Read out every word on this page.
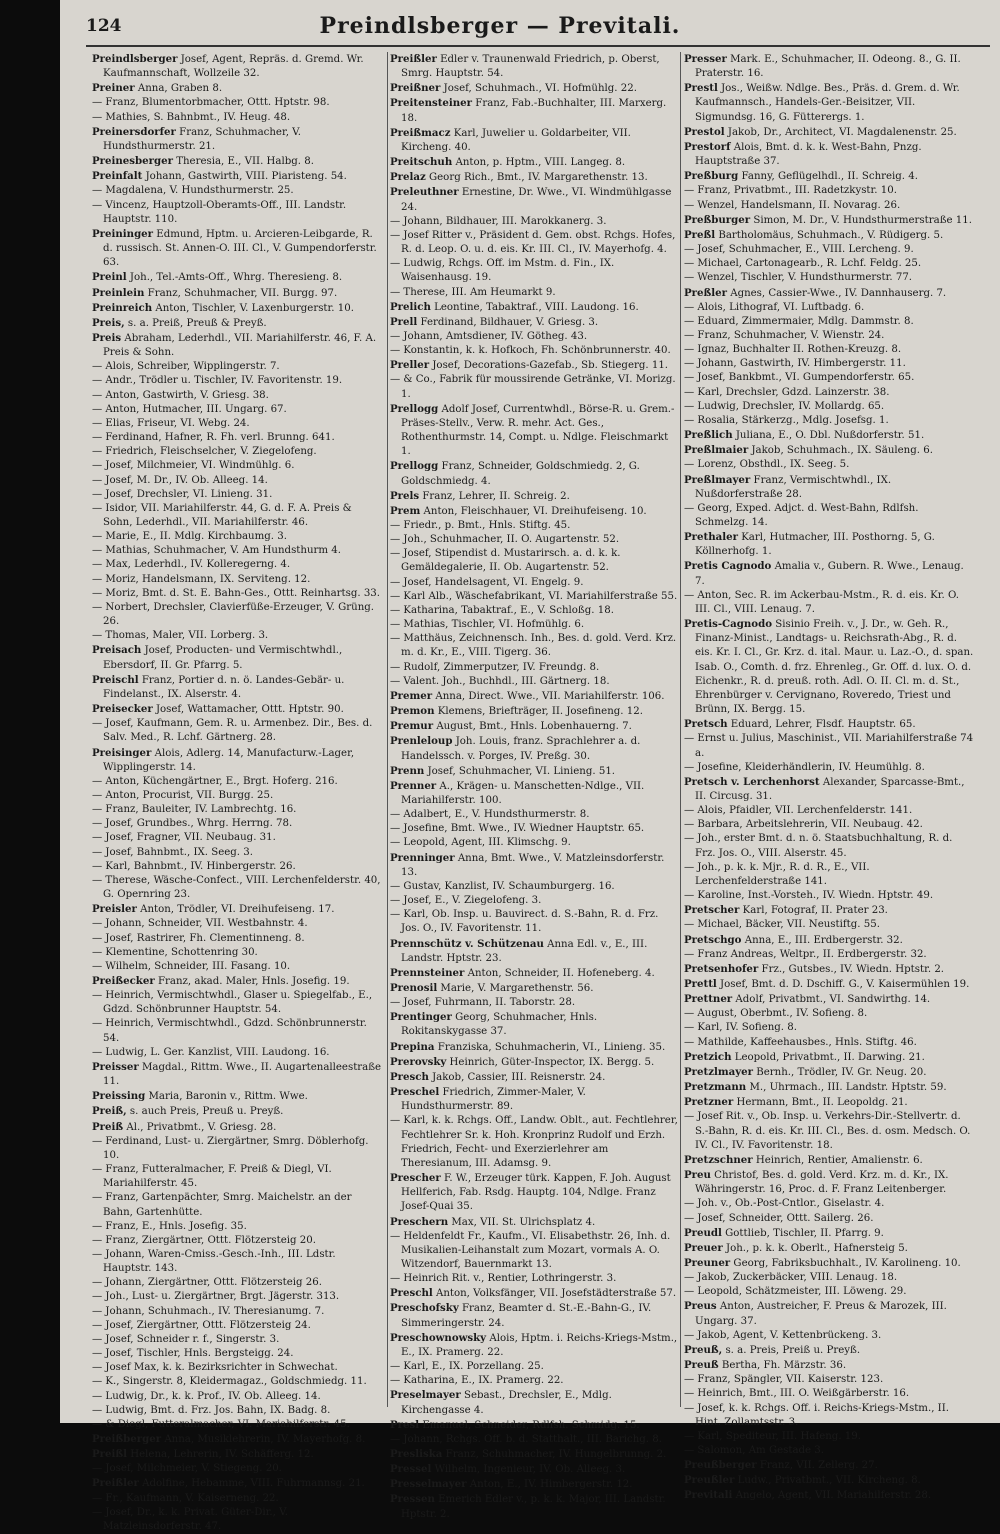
124	Preindlsberger — Previtali.
Preindlsberger Josef, Agent, Repräs. d. Gremd. Wr. Kaufmannschaft, Wollzeile 32.
Preiner Anna, Graben 8.
— Franz, Blumentorbmacher, Ottt. Hptstr. 98.
— Mathies, S. Bahnbmt., IV. Heug. 48.
Preinersdorfer Franz, Schuhmacher, V. Hundsthurmerstr. 21.
Preinesberger Theresia, E., VII. Halbg. 8.
Preinfalt Johann, Gastwirth, VIII. Piaristeng. 54.
— Magdalena, V. Hundsthurmerstr. 25.
— Vincenz, Hauptzoll-Oberamts-Off., III. Landstr. Hauptstr. 110.
Preininger Edmund, Hptm. u. Arcieren-Leibgarde, R. d. russisch. St. Annen-O. III. Cl., V. Gumpendorferstr. 63.
Preinl Joh., Tel.-Amts-Off., Whrg. Theresieng. 8.
Preinlein Franz, Schuhmacher, VII. Burgg. 97.
Preinreich Anton, Tischler, V. Laxenburgerstr. 10.
Preis, s. a. Preiß, Preuß & Preyß.
Preis Abraham, Lederhdl., VII. Mariahilferstr. 46, F. A. Preis & Sohn.
— Alois, Schreiber, Wipplingerstr. 7.
— Andr., Trödler u. Tischler, IV. Favoritenstr. 19.
— Anton, Gastwirth, V. Griesg. 38.
— Anton, Hutmacher, III. Ungarg. 67.
— Elias, Friseur, VI. Webg. 24.
— Ferdinand, Hafner, R. Fh. verl. Brunng. 641.
— Friedrich, Fleischselcher, V. Ziegelofeng.
— Josef, Milchmeier, VI. Windmühlg. 6.
— Josef, M. Dr., IV. Ob. Alleeg. 14.
— Josef, Drechsler, VI. Linieng. 31.
— Isidor, VII. Mariahilferstr. 44, G. d. F. A. Preis & Sohn, Lederhdl., VII. Mariahilferstr. 46.
— Marie, E., II. Mdlg. Kirchbaumg. 3.
— Mathias, Schuhmacher, V. Am Hundsthurm 4.
— Max, Lederhdl., IV. Kolleregerng. 4.
— Moriz, Handelsmann, IX. Serviteng. 12.
— Moriz, Bmt. d. St. E. Bahn-Ges., Ottt. Reinhartsg. 33.
— Norbert, Drechsler, Clavierfüße-Erzeuger, V. Grüng. 26.
— Thomas, Maler, VII. Lorberg. 3.
Preisach Josef, Producten- und Vermischtwhdl., Ebersdorf, II. Gr. Pfarrg. 5.
Preischl Franz, Portier d. n. ö. Landes-Gebär- u. Findelanst., IX. Alserstr. 4.
Preisecker Josef, Wattamacher, Ottt. Hptstr. 90.
— Josef, Kaufmann, Gem. R. u. Armenbez. Dir., Bes. d. Salv. Med., R. Lchf. Gärtnerg. 28.
Preisinger Alois, Adlerg. 14, Manufacturw.-Lager, Wipplingerstr. 14.
— Anton, Küchengärtner, E., Brgt. Hoferg. 216.
— Anton, Procurist, VII. Burgg. 25.
— Franz, Bauleiter, IV. Lambrechtg. 16.
— Josef, Grundbes., Whrg. Herrng. 78.
— Josef, Fragner, VII. Neubaug. 31.
— Josef, Bahnbmt., IX. Seeg. 3.
— Karl, Bahnbmt., IV. Hinbergerstr. 26.
— Therese, Wäsche-Confect., VIII. Lerchenfelderstr. 40, G. Opernring 23.
Preisler Anton, Trödler, VI. Dreihufeiseng. 17.
— Johann, Schneider, VII. Westbahnstr. 4.
— Josef, Rastrirer, Fh. Clementinneng. 8.
— Klementine, Schottenring 30.
— Wilhelm, Schneider, III. Fasang. 10.
Preißecker Franz, akad. Maler, Hnls. Josefig. 19.
— Heinrich, Vermischtwhdl., Glaser u. Spiegelfab., E., Gdzd. Schönbrunner Hauptstr. 54.
— Heinrich, Vermischtwhdl., Gdzd. Schönbrunnerstr. 54.
— Ludwig, L. Ger. Kanzlist, VIII. Laudong. 16.
Preisser Magdal., Rittm. Wwe., II. Augartenalleestraße 11.
Preissing Maria, Baronin v., Rittm. Wwe.
Preiß, s. auch Preis, Preuß u. Preyß.
Preiß Al., Privatbmt., V. Griesg. 28.
— Ferdinand, Lust- u. Ziergärtner, Smrg. Döblerhofg. 10.
— Franz, Futteralmacher, F. Preiß & Diegl, VI. Mariahilferstr. 45.
— Franz, Gartenpächter, Smrg. Maichelstr. an der Bahn, Gartenhütte.
— Franz, E., Hnls. Josefig. 35.
— Franz, Ziergärtner, Ottt. Flötzersteig 20.
— Johann, Waren-Cmiss.-Gesch.-Inh., III. Ldstr. Hauptstr. 143.
— Johann, Ziergärtner, Ottt. Flötzersteig 26.
— Joh., Lust- u. Ziergärtner, Brgt. Jägerstr. 313.
— Johann, Schuhmach., IV. Theresianumg. 7.
— Josef, Ziergärtner, Ottt. Flötzersteig 24.
— Josef, Schneider r. f., Singerstr. 3.
— Josef, Tischler, Hnls. Bergsteigg. 24.
— Josef Max, k. k. Bezirksrichter in Schwechat.
— K., Singerstr. 8, Kleidermagaz., Goldschmiedg. 11.
— Ludwig, Dr., k. k. Prof., IV. Ob. Alleeg. 14.
— Ludwig, Bmt. d. Frz. Jos. Bahn, IX. Badg. 8.
— & Diegl, Futteralmacher, VI. Mariahilferstr. 45.
Preißberger Anna, Musiklehrerin, IV. Mayerhofg. 8.
Preißl Helena, Lehrerin, IV. Schäfferg. 12.
— Josef, Milchmeier, V. Stiegeng. 20.
Preißler Adolfine, Hebamme, VIII. Fuhrmannsg. 21.
— Fr., Kaufmann, V. Kaiserneng. 22.
— Josef, Dr., k. k. Privat. Güter-Dir., V. Matzleinsdorferstr. 47.
Preißler Edler v. Traunenwald Friedrich, p. Oberst, Smrg. Hauptstr. 54.
Preißner Josef, Schuhmach., VI. Hofmühlg. 22.
Preitensteiner Franz, Fab.-Buchhalter, III. Marxerg. 18.
Preißmacz Karl, Juwelier u. Goldarbeiter, VII. Kircheng. 40.
Preitschuh Anton, p. Hptm., VIII. Langeg. 8.
Prelaz Georg Rich., Bmt., IV. Margarethenstr. 13.
Preleuthner Ernestine, Dr. Wwe., VI. Windmühlgasse 24.
— Johann, Bildhauer, III. Marokkanerg. 3.
— Josef Ritter v., Präsident d. Gem. obst. Rchgs. Hofes, R. d. Leop. O. u. d. eis. Kr. III. Cl., IV. Mayerhofg. 4.
— Ludwig, Rchgs. Off. im Mstm. d. Fin., IX. Waisenhausg. 19.
— Therese, III. Am Heumarkt 9.
Prelich Leontine, Tabaktraf., VIII. Laudong. 16.
Prell Ferdinand, Bildhauer, V. Griesg. 3.
— Johann, Amtsdiener, IV. Götheg. 43.
— Konstantin, k. k. Hofkoch, Fh. Schönbrunnerstr. 40.
Preller Josef, Decorations-Gazefab., Sb. Stiegerg. 11.
— & Co., Fabrik für moussirende Getränke, VI. Morizg. 1.
Prellogg Adolf Josef, Currentwhdl., Börse-R. u. Grem.-Präses-Stellv., Verw. R. mehr. Act. Ges., Rothenthurmstr. 14, Compt. u. Ndlge. Fleischmarkt 1.
Prellogg Franz, Schneider, Goldschmiedg. 2, G. Goldschmiedg. 4.
Prels Franz, Lehrer, II. Schreig. 2.
Prem Anton, Fleischhauer, VI. Dreihufeiseng. 10.
— Friedr., p. Bmt., Hnls. Stiftg. 45.
— Joh., Schuhmacher, II. O. Augartenstr. 52.
— Josef, Stipendist d. Mustarirsch. a. d. k. k. Gemäldegalerie, II. Ob. Augartenstr. 52.
— Josef, Handelsagent, VI. Engelg. 9.
— Karl Alb., Wäschefabrikant, VI. Mariahilferstraße 55.
— Katharina, Tabaktraf., E., V. Schloßg. 18.
— Mathias, Tischler, VI. Hofmühlg. 6.
— Matthäus, Zeichnensch. Inh., Bes. d. gold. Verd. Krz. m. d. Kr., E., VIII. Tigerg. 36.
— Rudolf, Zimmerputzer, IV. Freundg. 8.
— Valent. Joh., Buchhdl., III. Gärtnerg. 18.
Premer Anna, Direct. Wwe., VII. Mariahilferstr. 106.
Premon Klemens, Briefträger, II. Josefineng. 12.
Premur August, Bmt., Hnls. Lobenhauerng. 7.
Prenleloup Joh. Louis, franz. Sprachlehrer a. d. Handelssch. v. Porges, IV. Preßg. 30.
Prenn Josef, Schuhmacher, VI. Linieng. 51.
Prenner A., Krägen- u. Manschetten-Ndlge., VII. Mariahilferstr. 100.
— Adalbert, E., V. Hundsthurmerstr. 8.
— Josefine, Bmt. Wwe., IV. Wiedner Hauptstr. 65.
— Leopold, Agent, III. Klimschg. 9.
Prenninger Anna, Bmt. Wwe., V. Matzleinsdorferstr. 13.
— Gustav, Kanzlist, IV. Schaumburgerg. 16.
— Josef, E., V. Ziegelofeng. 3.
— Karl, Ob. Insp. u. Bauvirect. d. S.-Bahn, R. d. Frz. Jos. O., IV. Favoritenstr. 11.
Prennschütz v. Schützenau Anna Edl. v., E., III. Landstr. Hptstr. 23.
Prennsteiner Anton, Schneider, II. Hofeneberg. 4.
Prenosil Marie, V. Margarethenstr. 56.
— Josef, Fuhrmann, II. Taborstr. 28.
Prentinger Georg, Schuhmacher, Hnls. Rokitanskygasse 37.
Prepina Franziska, Schuhmacherin, VI., Linieng. 35.
Prerovsky Heinrich, Güter-Inspector, IX. Bergg. 5.
Presch Jakob, Cassier, III. Reisnerstr. 24.
Preschel Friedrich, Zimmer-Maler, V. Hundsthurmerstr. 89.
— Karl, k. k. Rchgs. Off., Landw. Oblt., aut. Fechtlehrer, Fechtlehrer Sr. k. Hoh. Kronprinz Rudolf und Erzh. Friedrich, Fecht- und Exerzierlehrer am Theresianum, III. Adamsg. 9.
Prescher F. W., Erzeuger türk. Kappen, F. Joh. August Hellferich, Fab. Rsdg. Hauptg. 104, Ndlge. Franz Josef-Quai 35.
Preschern Max, VII. St. Ulrichsplatz 4.
— Heldenfeldt Fr., Kaufm., VI. Elisabethstr. 26, Inh. d. Musikalien-Leihanstalt zum Mozart, vormals A. O. Witzendorf, Bauernmarkt 13.
— Heinrich Rit. v., Rentier, Lothringerstr. 3.
Preschl Anton, Volksfänger, VII. Josefstädterstraße 57.
Preschofsky Franz, Beamter d. St.-E.-Bahn-G., IV. Simmeringerstr. 24.
Preschownowsky Alois, Hptm. i. Reichs-Kriegs-Mstm., E., IX. Pramerg. 22.
— Karl, E., IX. Porzellang. 25.
— Katharina, E., IX. Pramerg. 22.
Preselmayer Sebast., Drechsler, E., Mdlg. Kirchengasse 4.
Presl Emanuel, Schneider, Rdlfsh. Schmidg. 15.
— Johann, Rchgs. Off. b. d. Statthalt., III. Barichg. 8.
Presliska Franz, Schuhmacher, IV. Hungelbrunng. 2.
Pressel Wilhelm, Ingenieur, IV. Ob. Alleeg. 3.
Presselmayer Anton, E., IV. Himbergerstr. 12.
Pressen Emerich Edler v., p. k. k. Major, III. Landstr. Hptstr. 2.
Presser Mark. E., Schuhmacher, II. Odeong. 8., G. II. Praterstr. 16.
Prestl Jos., Weißw. Ndlge. Bes., Präs. d. Grem. d. Wr. Kaufmannsch., Handels-Ger.-Beisitzer, VII. Sigmundsg. 16, G. Fütterergs. 1.
Prestol Jakob, Dr., Architect, VI. Magdalenenstr. 25.
Prestorf Alois, Bmt. d. k. k. West-Bahn, Pnzg. Hauptstraße 37.
Preßburg Fanny, Geflügelhdl., II. Schreig. 4.
— Franz, Privatbmt., III. Radetzkystr. 10.
— Wenzel, Handelsmann, II. Novarag. 26.
Preßburger Simon, M. Dr., V. Hundsthurmerstraße 11.
Preßl Bartholomäus, Schuhmach., V. Rüdigerg. 5.
— Josef, Schuhmacher, E., VIII. Lercheng. 9.
— Michael, Cartonagearb., R. Lchf. Feldg. 25.
— Wenzel, Tischler, V. Hundsthurmerstr. 77.
Preßler Agnes, Cassier-Wwe., IV. Dannhauserg. 7.
— Alois, Lithograf, VI. Luftbadg. 6.
— Eduard, Zimmermaier, Mdlg. Dammstr. 8.
— Franz, Schuhmacher, V. Wienstr. 24.
— Ignaz, Buchhalter II. Rothen-Kreuzg. 8.
— Johann, Gastwirth, IV. Himbergerstr. 11.
— Josef, Bankbmt., VI. Gumpendorferstr. 65.
— Karl, Drechsler, Gdzd. Lainzerstr. 38.
— Ludwig, Drechsler, IV. Mollardg. 65.
— Rosalia, Stärkerzg., Mdlg. Josefsg. 1.
Preßlich Juliana, E., O. Dbl. Nußdorferstr. 51.
Preßlmaier Jakob, Schuhmach., IX. Säuleng. 6.
— Lorenz, Obsthdl., IX. Seeg. 5.
Preßlmayer Franz, Vermischtwhdl., IX. Nußdorferstraße 28.
— Georg, Exped. Adjct. d. West-Bahn, Rdlfsh. Schmelzg. 14.
Prethaler Karl, Hutmacher, III. Posthorng. 5, G. Köllnerhofg. 1.
Pretis Cagnodo Amalia v., Gubern. R. Wwe., Lenaug. 7.
— Anton, Sec. R. im Ackerbau-Mstm., R. d. eis. Kr. O. III. Cl., VIII. Lenaug. 7.
Pretis-Cagnodo Sisinio Freih. v., J. Dr., w. Geh. R., Finanz-Minist., Landtags- u. Reichsrath-Abg., R. d. eis. Kr. I. Cl., Gr. Krz. d. ital. Maur. u. Laz.-O., d. span. Isab. O., Comth. d. frz. Ehrenleg., Gr. Off. d. lux. O. d. Eichenkr., R. d. preuß. roth. Adl. O. II. Cl. m. d. St., Ehrenbürger v. Cervignano, Roveredo, Triest und Brünn, IX. Bergg. 15.
Pretsch Eduard, Lehrer, Flsdf. Hauptstr. 65.
— Ernst u. Julius, Maschinist., VII. Mariahilferstraße 74 a.
— Josefine, Kleiderhändlerin, IV. Heumühlg. 8.
Pretsch v. Lerchenhorst Alexander, Sparcasse-Bmt., II. Circusg. 31.
— Alois, Pfaidler, VII. Lerchenfelderstr. 141.
— Barbara, Arbeitslehrerin, VII. Neubaug. 42.
— Joh., erster Bmt. d. n. ö. Staatsbuchhaltung, R. d. Frz. Jos. O., VIII. Alserstr. 45.
— Joh., p. k. k. Mjr., R. d. R., E., VII. Lerchenfelderstraße 141.
— Karoline, Inst.-Vorsteh., IV. Wiedn. Hptstr. 49.
Pretscher Karl, Fotograf, II. Prater 23.
— Michael, Bäcker, VII. Neustiftg. 55.
Pretschgo Anna, E., III. Erdbergerstr. 32.
— Franz Andreas, Weltpr., II. Erdbergerstr. 32.
Pretsenhofer Frz., Gutsbes., IV. Wiedn. Hptstr. 2.
Prettl Josef, Bmt. d. D. Dschiff. G., V. Kaisermühlen 19.
Prettner Adolf, Privatbmt., VI. Sandwirthg. 14.
— August, Oberbmt., IV. Sofieng. 8.
— Karl, IV. Sofieng. 8.
— Mathilde, Kaffeehausbes., Hnls. Stiftg. 46.
Pretzich Leopold, Privatbmt., II. Darwing. 21.
Pretzlmayer Bernh., Trödler, IV. Gr. Neug. 20.
Pretzmann M., Uhrmach., III. Landstr. Hptstr. 59.
Pretzner Hermann, Bmt., II. Leopoldg. 21.
— Josef Rit. v., Ob. Insp. u. Verkehrs-Dir.-Stellvertr. d. S.-Bahn, R. d. eis. Kr. III. Cl., Bes. d. osm. Medsch. O. IV. Cl., IV. Favoritenstr. 18.
Pretzschner Heinrich, Rentier, Amalienstr. 6.
Preu Christof, Bes. d. gold. Verd. Krz. m. d. Kr., IX. Währingerstr. 16, Proc. d. F. Franz Leitenberger.
— Joh. v., Ob.-Post-Cntlor., Giselastr. 4.
— Josef, Schneider, Ottt. Sailerg. 26.
Preudl Gottlieb, Tischler, II. Pfarrg. 9.
Preuer Joh., p. k. k. Oberlt., Hafnersteig 5.
Preuner Georg, Fabriksbuchhalt., IV. Karolineng. 10.
— Jakob, Zuckerbäcker, VIII. Lenaug. 18.
— Leopold, Schätzmeister, III. Löweng. 29.
Preus Anton, Austreicher, F. Preus & Marozek, III. Ungarg. 37.
— Jakob, Agent, V. Kettenbrückeng. 3.
Preuß, s. a. Preis, Preiß u. Preyß.
Preuß Bertha, Fh. Märzstr. 36.
— Franz, Spängler, VII. Kaiserstr. 123.
— Heinrich, Bmt., III. O. Weißgärberstr. 16.
— Josef, k. k. Rchgs. Off. i. Reichs-Kriegs-Mstm., II. Hint. Zollamtsstr. 3.
— Karl, Spediteur, III. Hafeng. 19.
— Salomon, Am Gestade 3.
Preußberger Franz, VII. Zellerg. 27.
Preußler Ludw., Privatbmt., VII. Kircheng. 8.
Previtali Angelo, Agent, VII. Mariahilferstr. 28.
